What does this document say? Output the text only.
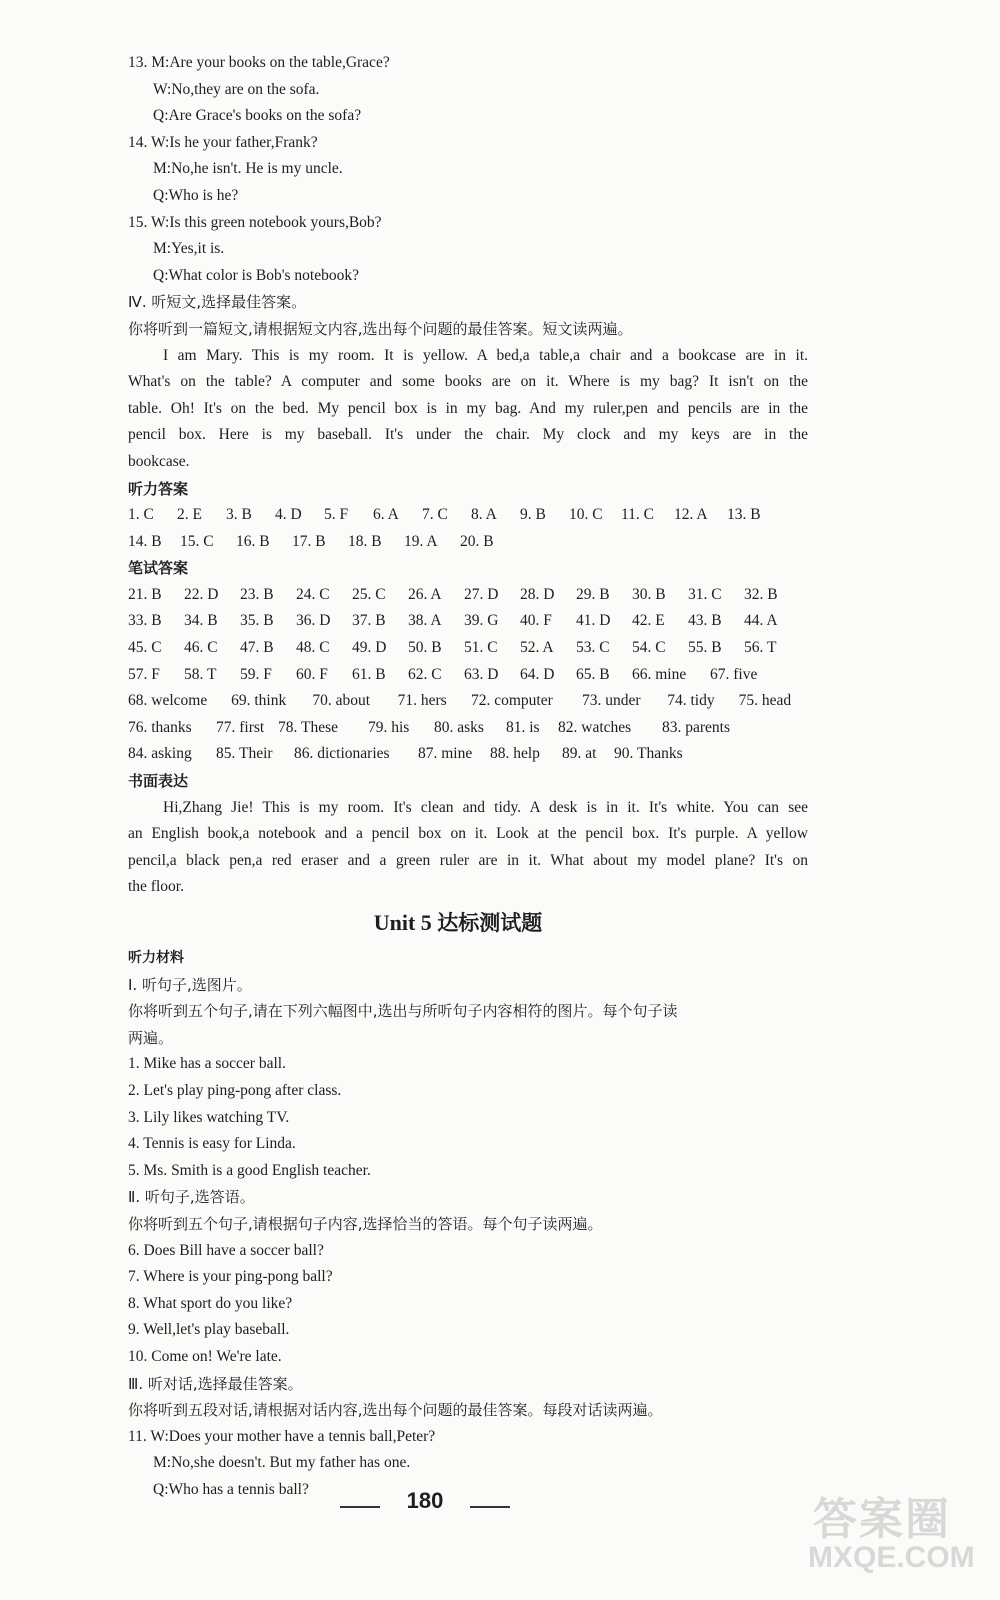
13. M:Are your books on the table,Grace?
W:No,they are on the sofa.
Q:Are Grace's books on the sofa?
14. W:Is he your father,Frank?
M:No,he isn't. He is my uncle.
Q:Who is he?
15. W:Is this green notebook yours,Bob?
M:Yes,it is.
Q:What color is Bob's notebook?
Ⅳ. 听短文,选择最佳答案。
你将听到一篇短文,请根据短文内容,选出每个问题的最佳答案。短文读两遍。
I am Mary. This is my room. It is yellow. A bed,a table,a chair and a bookcase are in it.
What's on the table? A computer and some books are on it. Where is my bag? It isn't on the
table. Oh! It's on the bed. My pencil box is in my bag. And my ruler,pen and pencils are in the
pencil box. Here is my baseball. It's under the chair. My clock and my keys are in the
bookcase.
听力答案
1. C	2. E	3. B	4. D	5. F	6. A	7. C	8. A	9. B	10. C	11. C	12. A	13. B
14. B	15. C	16. B	17. B	18. B	19. A	20. B
笔试答案
21. B	22. D	23. B	24. C	25. C	26. A	27. D	28. D	29. B	30. B	31. C	32. B
33. B	34. B	35. B	36. D	37. B	38. A	39. G	40. F	41. D	42. E	43. B	44. A
45. C	46. C	47. B	48. C	49. D	50. B	51. C	52. A	53. C	54. C	55. B	56. T
57. F	58. T	59. F	60. F	61. B	62. C	63. D	64. D	65. B	66. mine	67. five
68. welcome	69. think	70. about	71. hers	72. computer	73. under	74. tidy	75. head
76. thanks	77. first 78. These	79. his	80. asks	81. is	82. watches	83. parents
84. asking	85. Their	86. dictionaries	87. mine	88. help	89. at	90. Thanks
书面表达
Hi,Zhang Jie! This is my room. It's clean and tidy. A desk is in it. It's white. You can see
an English book,a notebook and a pencil box on it. Look at the pencil box. It's purple. A yellow
pencil,a black pen,a red eraser and a green ruler are in it. What about my model plane? It's on
the floor.
Unit 5 达标测试题
听力材料
Ⅰ. 听句子,选图片。
你将听到五个句子,请在下列六幅图中,选出与所听句子内容相符的图片。每个句子读
两遍。
1. Mike has a soccer ball.
2. Let's play ping-pong after class.
3. Lily likes watching TV.
4. Tennis is easy for Linda.
5. Ms. Smith is a good English teacher.
Ⅱ. 听句子,选答语。
你将听到五个句子,请根据句子内容,选择恰当的答语。每个句子读两遍。
6. Does Bill have a soccer ball?
7. Where is your ping-pong ball?
8. What sport do you like?
9. Well,let's play baseball.
10. Come on! We're late.
Ⅲ. 听对话,选择最佳答案。
你将听到五段对话,请根据对话内容,选出每个问题的最佳答案。每段对话读两遍。
11. W:Does your mother have a tennis ball,Peter?
M:No,she doesn't. But my father has one.
Q:Who has a tennis ball?	180	答案圈
MXQE.COM
